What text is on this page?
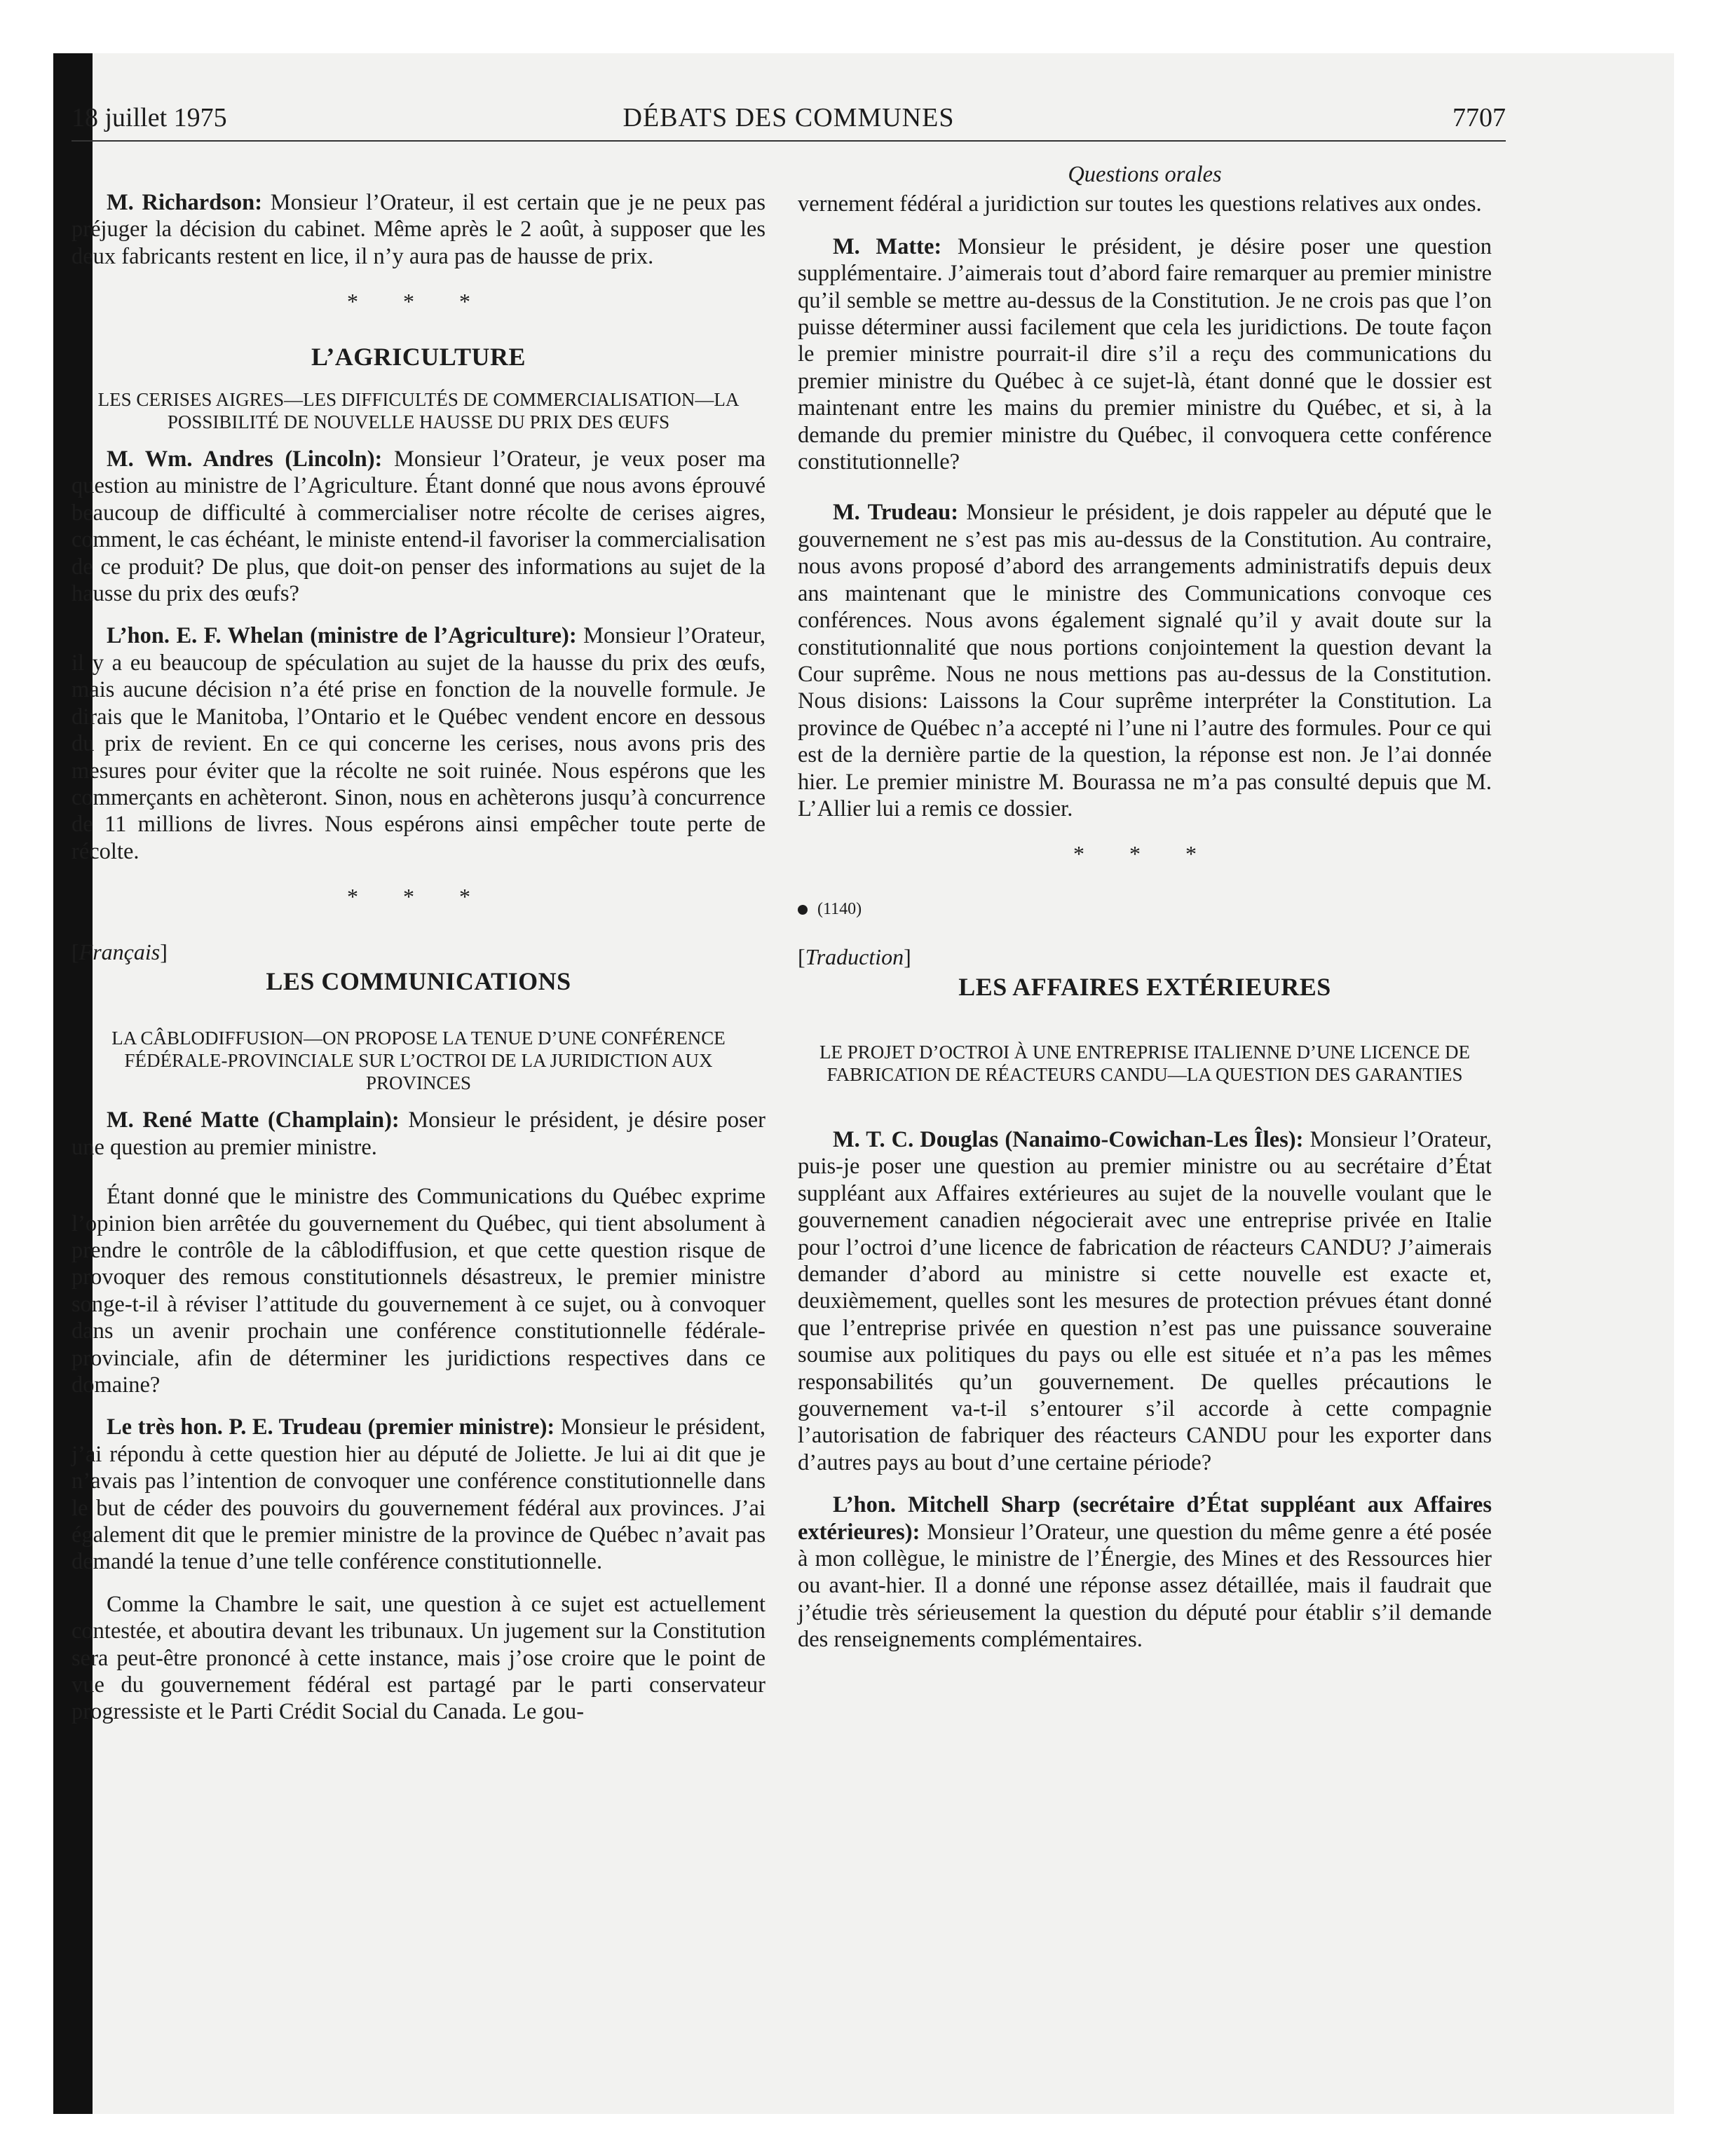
18 juillet 1975	DÉBATS DES COMMUNES	7707

M. Richardson: Monsieur l’Orateur, il est certain que je ne peux pas préjuger la décision du cabinet. Même après le 2 août, à supposer que les deux fabricants restent en lice, il n’y aura pas de hausse de prix.

* * *
L’AGRICULTURE
LES CERISES AIGRES—LES DIFFICULTÉS DE COMMERCIALISATION—LA POSSIBILITÉ DE NOUVELLE HAUSSE DU PRIX DES ŒUFS

M. Wm. Andres (Lincoln): Monsieur l’Orateur, je veux poser ma question au ministre de l’Agriculture. Étant donné que nous avons éprouvé beaucoup de difficulté à commercialiser notre récolte de cerises aigres, comment, le cas échéant, le ministe entend-il favoriser la commercialisation de ce produit? De plus, que doit-on penser des informations au sujet de la hausse du prix des œufs?

L’hon. E. F. Whelan (ministre de l’Agriculture): Monsieur l’Orateur, il y a eu beaucoup de spéculation au sujet de la hausse du prix des œufs, mais aucune décision n’a été prise en fonction de la nouvelle formule. Je dirais que le Manitoba, l’Ontario et le Québec vendent encore en dessous du prix de revient. En ce qui concerne les cerises, nous avons pris des mesures pour éviter que la récolte ne soit ruinée. Nous espérons que les commerçants en achèteront. Sinon, nous en achèterons jusqu’à concurrence de 11 millions de livres. Nous espérons ainsi empêcher toute perte de récolte.

* * *
[Français]
LES COMMUNICATIONS
LA CÂBLODIFFUSION—ON PROPOSE LA TENUE D’UNE CONFÉRENCE FÉDÉRALE-PROVINCIALE SUR L’OCTROI DE LA JURIDICTION AUX PROVINCES

M. René Matte (Champlain): Monsieur le président, je désire poser une question au premier ministre.

Étant donné que le ministre des Communications du Québec exprime l’opinion bien arrêtée du gouvernement du Québec, qui tient absolument à prendre le contrôle de la câblodiffusion, et que cette question risque de provoquer des remous constitutionnels désastreux, le premier ministre songe-t-il à réviser l’attitude du gouvernement à ce sujet, ou à convoquer dans un avenir prochain une conférence constitutionnelle fédérale-provinciale, afin de déterminer les juridictions respectives dans ce domaine?

Le très hon. P. E. Trudeau (premier ministre): Monsieur le président, j’ai répondu à cette question hier au député de Joliette. Je lui ai dit que je n’avais pas l’intention de convoquer une conférence constitutionnelle dans le but de céder des pouvoirs du gouvernement fédéral aux provinces. J’ai également dit que le premier ministre de la province de Québec n’avait pas demandé la tenue d’une telle conférence constitutionnelle.

Comme la Chambre le sait, une question à ce sujet est actuellement contestée, et aboutira devant les tribunaux. Un jugement sur la Constitution sera peut-être prononcé à cette instance, mais j’ose croire que le point de vue du gouvernement fédéral est partagé par le parti conservateur progressiste et le Parti Crédit Social du Canada. Le gou-

Questions orales

vernement fédéral a juridiction sur toutes les questions relatives aux ondes.

M. Matte: Monsieur le président, je désire poser une question supplémentaire. J’aimerais tout d’abord faire remarquer au premier ministre qu’il semble se mettre au-dessus de la Constitution. Je ne crois pas que l’on puisse déterminer aussi facilement que cela les juridictions. De toute façon le premier ministre pourrait-il dire s’il a reçu des communications du premier ministre du Québec à ce sujet-là, étant donné que le dossier est maintenant entre les mains du premier ministre du Québec, et si, à la demande du premier ministre du Québec, il convoquera cette conférence constitutionnelle?

M. Trudeau: Monsieur le président, je dois rappeler au député que le gouvernement ne s’est pas mis au-dessus de la Constitution. Au contraire, nous avons proposé d’abord des arrangements administratifs depuis deux ans maintenant que le ministre des Communications convoque ces conférences. Nous avons également signalé qu’il y avait doute sur la constitutionnalité que nous portions conjointement la question devant la Cour suprême. Nous ne nous mettions pas au-dessus de la Constitution. Nous disions: Laissons la Cour suprême interpréter la Constitution. La province de Québec n’a accepté ni l’une ni l’autre des formules. Pour ce qui est de la dernière partie de la question, la réponse est non. Je l’ai donnée hier. Le premier ministre M. Bourassa ne m’a pas consulté depuis que M. L’Allier lui a remis ce dossier.

* * *
(1140)
[Traduction]
LES AFFAIRES EXTÉRIEURES
LE PROJET D’OCTROI À UNE ENTREPRISE ITALIENNE D’UNE LICENCE DE FABRICATION DE RÉACTEURS CANDU—LA QUESTION DES GARANTIES

M. T. C. Douglas (Nanaimo-Cowichan-Les Îles): Monsieur l’Orateur, puis-je poser une question au premier ministre ou au secrétaire d’État suppléant aux Affaires extérieures au sujet de la nouvelle voulant que le gouvernement canadien négocierait avec une entreprise privée en Italie pour l’octroi d’une licence de fabrication de réacteurs CANDU? J’aimerais demander d’abord au ministre si cette nouvelle est exacte et, deuxièmement, quelles sont les mesures de protection prévues étant donné que l’entreprise privée en question n’est pas une puissance souveraine soumise aux politiques du pays ou elle est située et n’a pas les mêmes responsabilités qu’un gouvernement. De quelles précautions le gouvernement va-t-il s’entourer s’il accorde à cette compagnie l’autorisation de fabriquer des réacteurs CANDU pour les exporter dans d’autres pays au bout d’une certaine période?

L’hon. Mitchell Sharp (secrétaire d’État suppléant aux Affaires extérieures): Monsieur l’Orateur, une question du même genre a été posée à mon collègue, le ministre de l’Énergie, des Mines et des Ressources hier ou avant-hier. Il a donné une réponse assez détaillée, mais il faudrait que j’étudie très sérieusement la question du député pour établir s’il demande des renseignements complémentaires.
